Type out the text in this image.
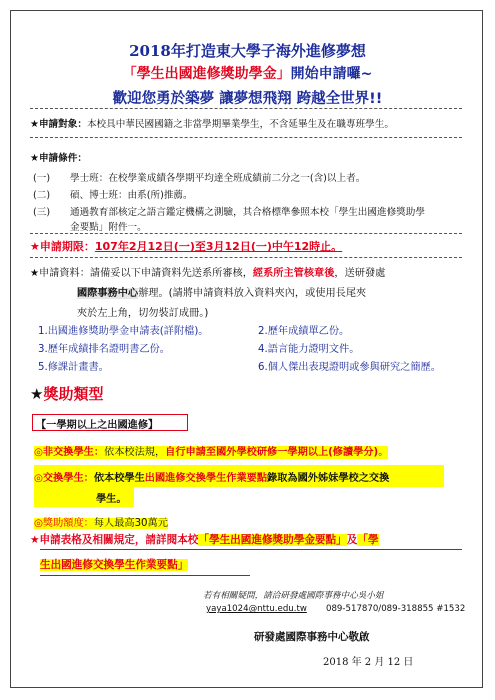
2018年打造東大學子海外進修夢想
「學生出國進修獎助學金」開始申請囉~
歡迎您勇於築夢 讓夢想飛翔 跨越全世界!!
★申請對象：本校具中華民國國籍之非當學期畢業學生，不含延畢生及在職專班學生。
★申請條件：
(一) 學士班：在校學業成績各學期平均達全班成績前二分之一(含)以上者。
(二) 碩、博士班：由系(所)推薦。
(三) 通過教育部核定之語言鑑定機構之測驗，其合格標準參照本校「學生出國進修獎助學
金要點」附件一。
★申請期限：107年2月12日(一)至3月12日(一)中午12時止。
★申請資料：請備妥以下申請資料先送系所審核，經系所主管核章後，送研發處
國際事務中心辦理。(請將申請資料放入資料夾內，或使用長尾夾
夾於左上角，切勿裝訂成冊。)
1.出國進修獎助學金申請表(詳附檔)。	2.歷年成績單乙份。
3.歷年成績排名證明書乙份。	4.語言能力證明文件。
5.修課計畫書。	6.個人傑出表現證明或參與研究之簡歷。
★獎助類型
【一學期以上之出國進修】
◎非交換學生：依本校法規，自行申請至國外學校研修一學期以上(修讀學分)。
◎交換學生：依本校學生出國進修交換學生作業要點錄取為國外姊妹學校之交換
學生。
◎獎助額度：每人最高30萬元
★申請表格及相關規定，請詳閱本校「學生出國進修獎助學金要點」及「學
生出國進修交換學生作業要點」
若有相關疑問，請洽研發處國際事務中心吳小姐
yaya1024@nttu.edu.tw 089-517870/089-318855 #1532
研發處國際事務中心敬啟
2018 年 2 月 12 日
